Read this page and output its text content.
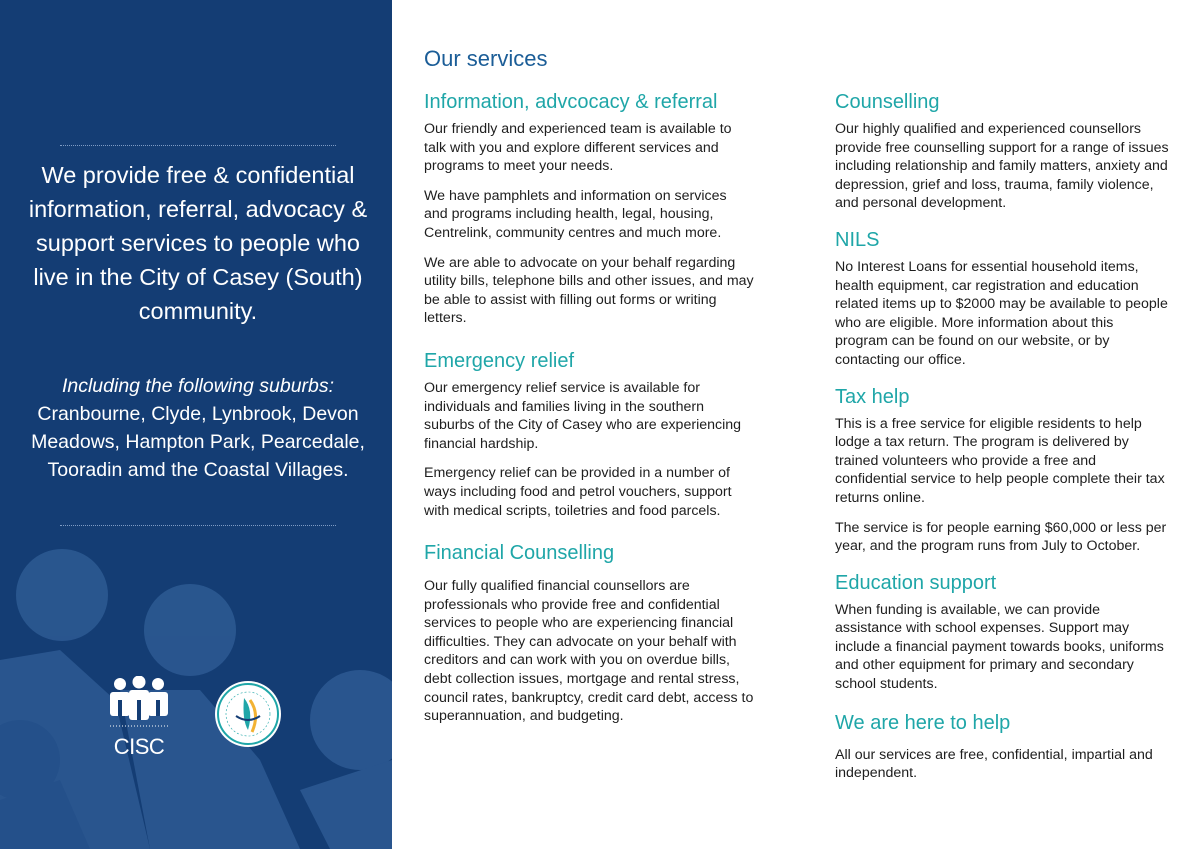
We provide free & confidential information, referral, advocacy & support services to people who live in the City of Casey (South) community.
Including the following suburbs:
Cranbourne, Clyde, Lynbrook, Devon Meadows, Hampton Park, Pearcedale, Tooradin amd the Coastal Villages.
CISC
Our services
Information, advcocacy & referral

Our friendly and experienced team is available to talk with you and explore different services and programs to meet your needs.

We have pamphlets and information on services and programs including health, legal, housing, Centrelink, community centres and much more.

We are able to advocate on your behalf regarding utility bills, telephone bills and other issues, and may be able to assist with filling out forms or writing letters.

Emergency relief

Our emergency relief service is available for individuals and families living in the southern suburbs of the City of Casey who are experiencing financial hardship.

Emergency relief can be provided in a number of ways including food and petrol vouchers, support with medical scripts, toiletries and food parcels.

Financial Counselling

Our fully qualified financial counsellors are professionals who provide free and confidential services to people who are experiencing financial difficulties. They can advocate on your behalf with creditors and can work with you on overdue bills, debt collection issues, mortgage and rental stress, council rates, bankruptcy, credit card debt, access to superannuation, and budgeting.

Counselling

Our highly qualified and experienced counsellors provide free counselling support for a range of issues including relationship and family matters, anxiety and depression, grief and loss, trauma, family violence, and personal development.

NILS

No Interest Loans for essential household items, health equipment, car registration and education related items up to $2000 may be available to people who are eligible. More information about this program can be found on our website, or by contacting our office.

Tax help

This is a free service for eligible residents to help lodge a tax return. The program is delivered by trained volunteers who provide a free and confidential service to help people complete their tax returns online.

The service is for people earning $60,000 or less per year, and the program runs from July to October.

Education support

When funding is available, we can provide assistance with school expenses. Support may include a financial payment towards books, uniforms and other equipment for primary and secondary school students.

We are here to help

All our services are free, confidential, impartial and independent.
